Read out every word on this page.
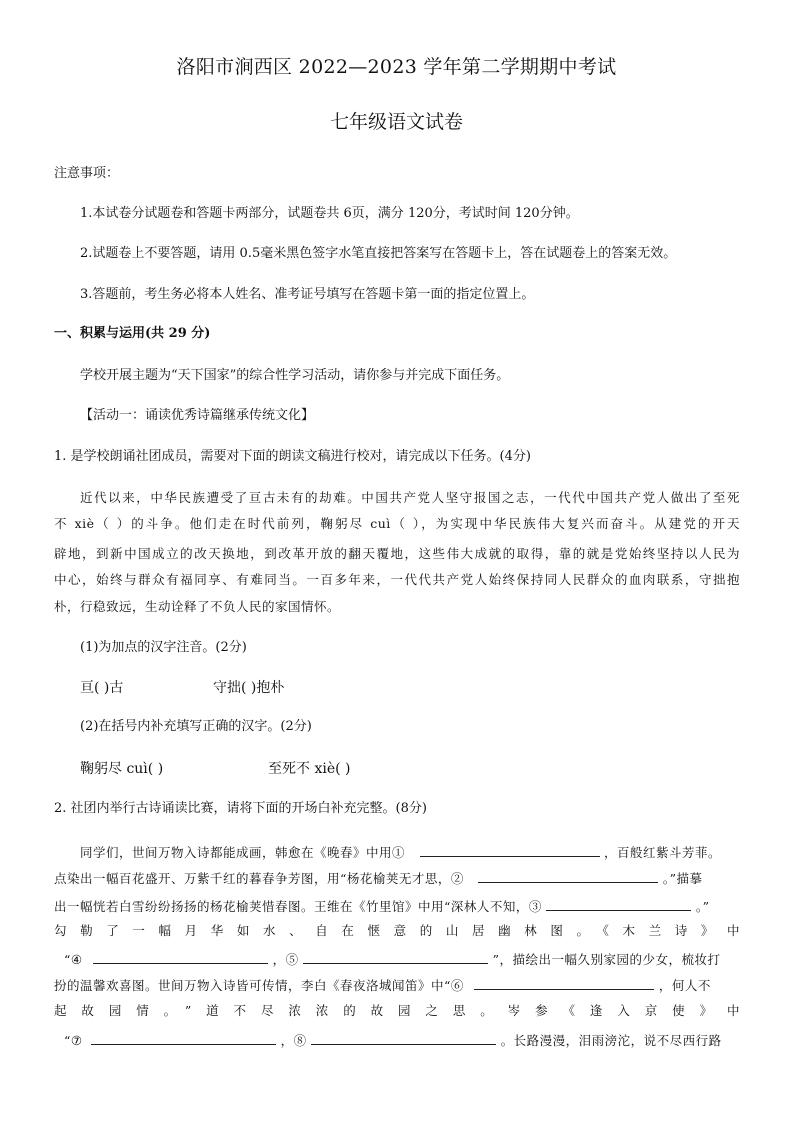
洛阳市涧西区 2022—2023 学年第二学期期中考试
七年级语文试卷
注意事项：
1.本试卷分试题卷和答题卡两部分，试题卷共 6页，满分 120分，考试时间 120分钟。
2.试题卷上不要答题，请用 0.5毫米黑色签字水笔直接把答案写在答题卡上，答在试题卷上的答案无效。
3.答题前，考生务必将本人姓名、准考证号填写在答题卡第一面的指定位置上。
一、积累与运用(共 29 分)
学校开展主题为“天下国家”的综合性学习活动，请你参与并完成下面任务。
【活动一：诵读优秀诗篇继承传统文化】
1. 是学校朗诵社团成员，需要对下面的朗读文稿进行校对，请完成以下任务。(4分)
近代以来，中华民族遭受了亘古未有的劫难。中国共产党人坚守报国之志，一代代中国共产党人做出了至死
不 xiè（ ）的斗争。他们走在时代前列，鞠躬尽 cuì（ ），为实现中华民族伟大复兴而奋斗。从建党的开天
辟地，到新中国成立的改天换地，到改革开放的翻天覆地，这些伟大成就的取得，靠的就是党始终坚持以人民为
中心，始终与群众有福同享、有难同当。一百多年来，一代代共产党人始终保持同人民群众的血肉联系，守拙抱
朴，行稳致远，生动诠释了不负人民的家国情怀。
(1)为加点的汉字注音。(2分)
亘( )古	守拙( )抱朴
(2)在括号内补充填写正确的汉字。(2分)
鞠躬尽 cuì( )	至死不 xiè( )
2. 社团内举行古诗诵读比赛，请将下面的开场白补充完整。(8分)
同学们，世间万物入诗都能成画，韩愈在《晚春》中用①	，百般红紫斗芳菲。
点染出一幅百花盛开、万紫千红的暮春争芳图，用“杨花榆荚无才思，②	。”描摹
出一幅恍若白雪纷纷扬扬的杨花榆荚惜春图。王维在《竹里馆》中用“深林人不知，③	。”
勾勒了一幅月华如水、自在惬意的山居幽林图。《木兰诗》中
“④	，⑤	”，描绘出一幅久别家园的少女，梳妆打
扮的温馨欢喜图。世间万物入诗皆可传情，李白《春夜洛城闻笛》中“⑥	，何人不
起故园情。”道不尽浓浓的故园之思。岑参《逢入京使》中
“⑦	，⑧	。长路漫漫，泪雨滂沱，说不尽西行路
